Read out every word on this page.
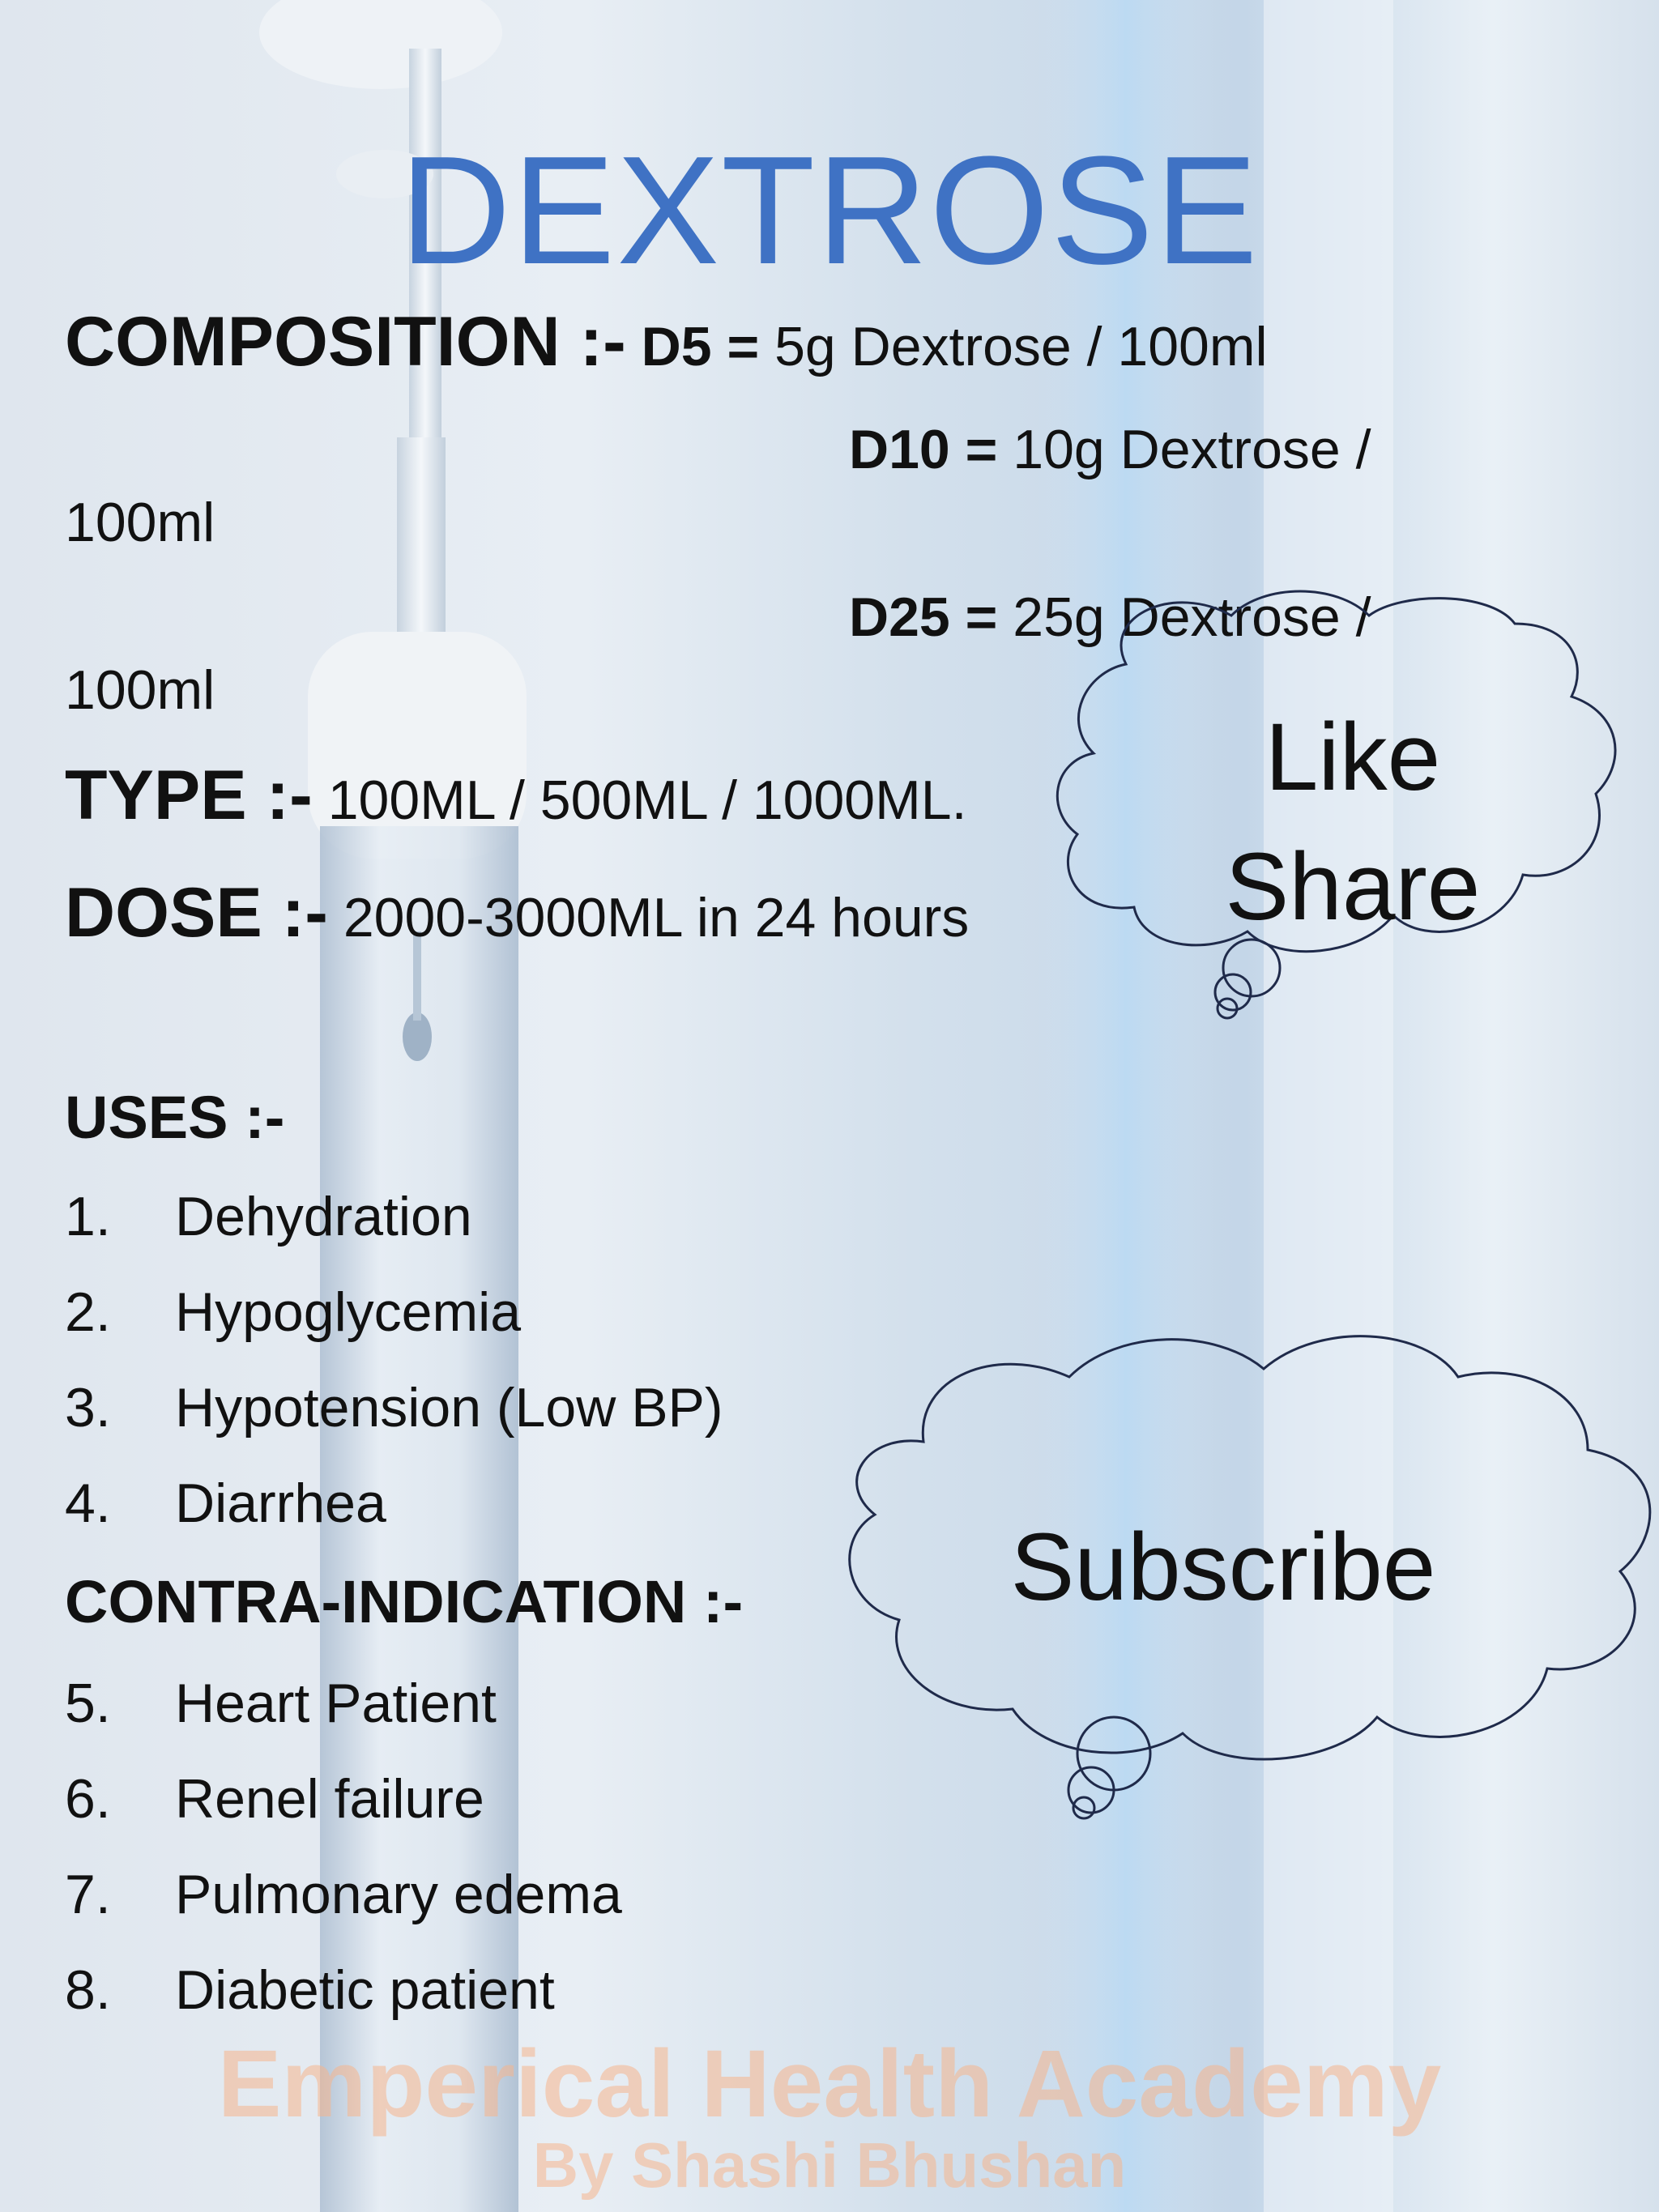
DEXTROSE
COMPOSITION :- D5 = 5g Dextrose / 100ml
D10 = 10g Dextrose /
100ml
D25 = 25g Dextrose /
100ml
TYPE :- 100ML / 500ML / 1000ML.
DOSE :- 2000-3000ML in 24 hours
USES :-
1. Dehydration
2. Hypoglycemia
3. Hypotension (Low BP)
4. Diarrhea
CONTRA-INDICATION :-
5. Heart Patient
6. Renel failure
7. Pulmonary edema
8. Diabetic patient
Like
Share
Subscribe
Emperical Health Academy
By Shashi Bhushan
